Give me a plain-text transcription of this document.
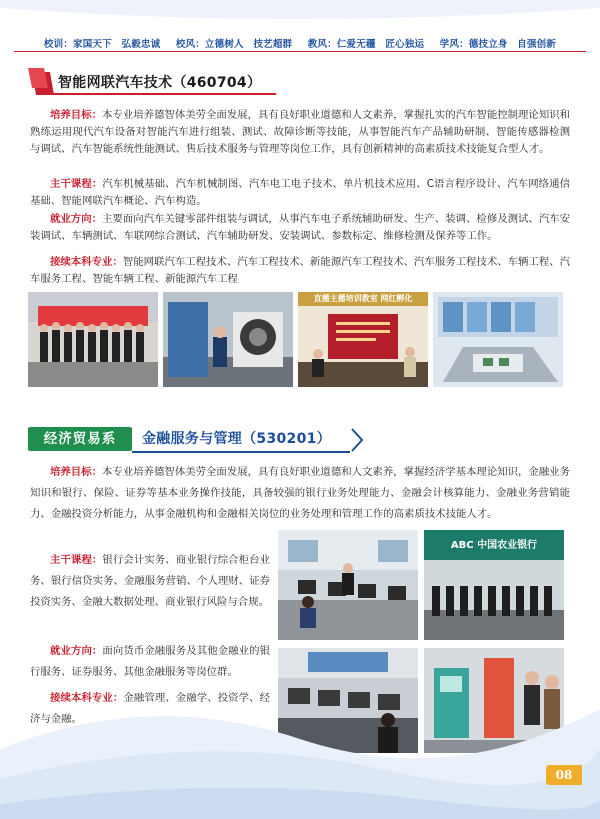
校训：家国天下　弘毅忠诚 校风：立德树人　技艺超群 教风：仁爱无疆　匠心独运 学风：德技立身　自强创新
智能网联汽车技术（460704）
培养目标：本专业培养德智体美劳全面发展，具有良好职业道德和人文素养，掌握扎实的汽车智能控制理论知识和熟练运用现代汽车设备对智能汽车进行组装、测试、故障诊断等技能，从事智能汽车产品辅助研制、智能传感器检测与调试、汽车智能系统性能测试、售后技术服务与管理等岗位工作，具有创新精神的高素质技术技能复合型人才。
主干课程：汽车机械基础、汽车机械制图、汽车电工电子技术、单片机技术应用、C语言程序设计、汽车网络通信基础、智能网联汽车概论、汽车构造。
就业方向：主要面向汽车关键零部件组装与调试，从事汽车电子系统辅助研发、生产、装调、检修及测试、汽车安装调试、车辆测试、车联网综合测试、汽车辅助研发、安装调试、参数标定、维修检测及保养等工作。
接续本科专业：智能网联汽车工程技术、汽车工程技术、新能源汽车工程技术、汽车服务工程技术、车辆工程、汽车服务工程、智能车辆工程、新能源汽车工程
直播主播培训教室 网红孵化
经济贸易系	金融服务与管理（530201）
培养目标：本专业培养德智体美劳全面发展，具有良好职业道德和人文素养，掌握经济学基本理论知识，金融业务知识和银行、保险、证券等基本业务操作技能，具备较强的银行业务处理能力、金融会计核算能力、金融业务营销能力、金融投资分析能力，从事金融机构和金融相关岗位的业务处理和管理工作的高素质技术技能人才。
主干课程：银行会计实务、商业银行综合柜台业务、银行信贷实务、金融服务营销、个人理财、证券投资实务、金融大数据处理、商业银行风险与合规。
就业方向：面向货币金融服务及其他金融业的银行服务、证券服务、其他金融服务等岗位群。
接续本科专业：金融管理、金融学、投资学、经济与金融。
ABC 中国农业银行
08
